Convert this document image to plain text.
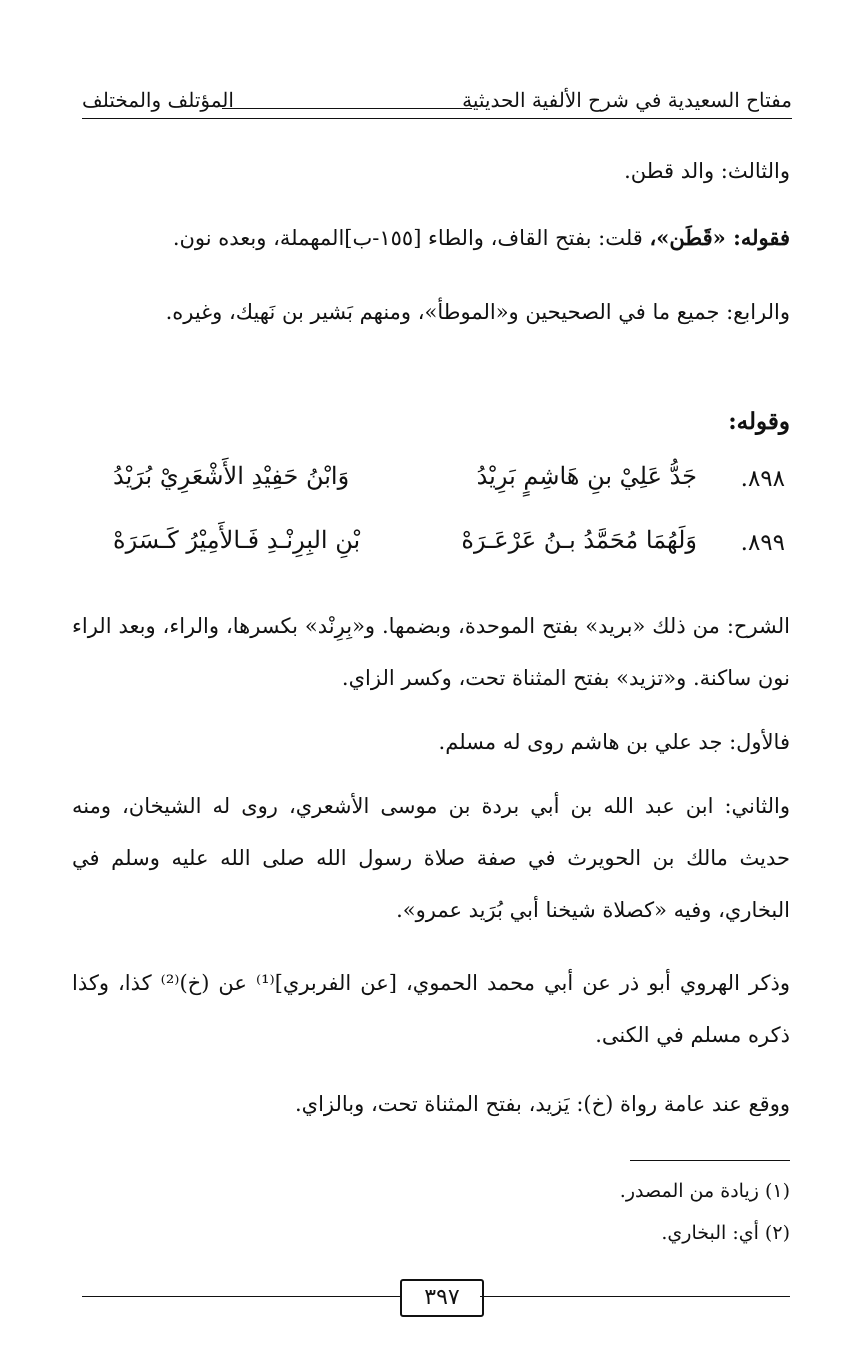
مفتاح السعيدية في شرح الألفية الحديثية
المؤتلف والمختلف
والثالث: والد قطن.
فقوله: «قَطَن»، قلت: بفتح القاف، والطاء [١٥٥-ب]المهملة، وبعده نون.
والرابع: جميع ما في الصحيحين و«الموطأ»، ومنهم بَشير بن نَهيك، وغيره.
وقوله:
٨٩٨.
جَدُّ عَلِيْ بنِ هَاشِمٍ بَرِيْدُ
وَابْنُ حَفِيْدِ الأَشْعَرِيْ بُرَيْدُ
٨٩٩.
وَلَهُمَا مُحَمَّدُ بـنُ عَرْعَـرَهْ
بْنِ البِرِنْـدِ فَـالأَمِيْرُ كَـسَرَهْ
الشرح: من ذلك «بريد» بفتح الموحدة، وبضمها. و«بِرِنْد» بكسرها، والراء، وبعد الراء نون ساكنة. و«تزيد» بفتح المثناة تحت، وكسر الزاي.
فالأول: جد علي بن هاشم روى له مسلم.
والثاني: ابن عبد الله بن أبي بردة بن موسى الأشعري، روى له الشيخان، ومنه حديث مالك بن الحويرث في صفة صلاة رسول الله صلى الله عليه وسلم في البخاري، وفيه «كصلاة شيخنا أبي بُرَيد عمرو».
وذكر الهروي أبو ذر عن أبي محمد الحموي، [عن الفربري]⁽¹⁾ عن (خ)⁽²⁾ كذا، وكذا ذكره مسلم في الكنى.
ووقع عند عامة رواة (خ): يَزيد، بفتح المثناة تحت، وبالزاي.
(١) زيادة من المصدر.
(٢) أي: البخاري.
٣٩٧
